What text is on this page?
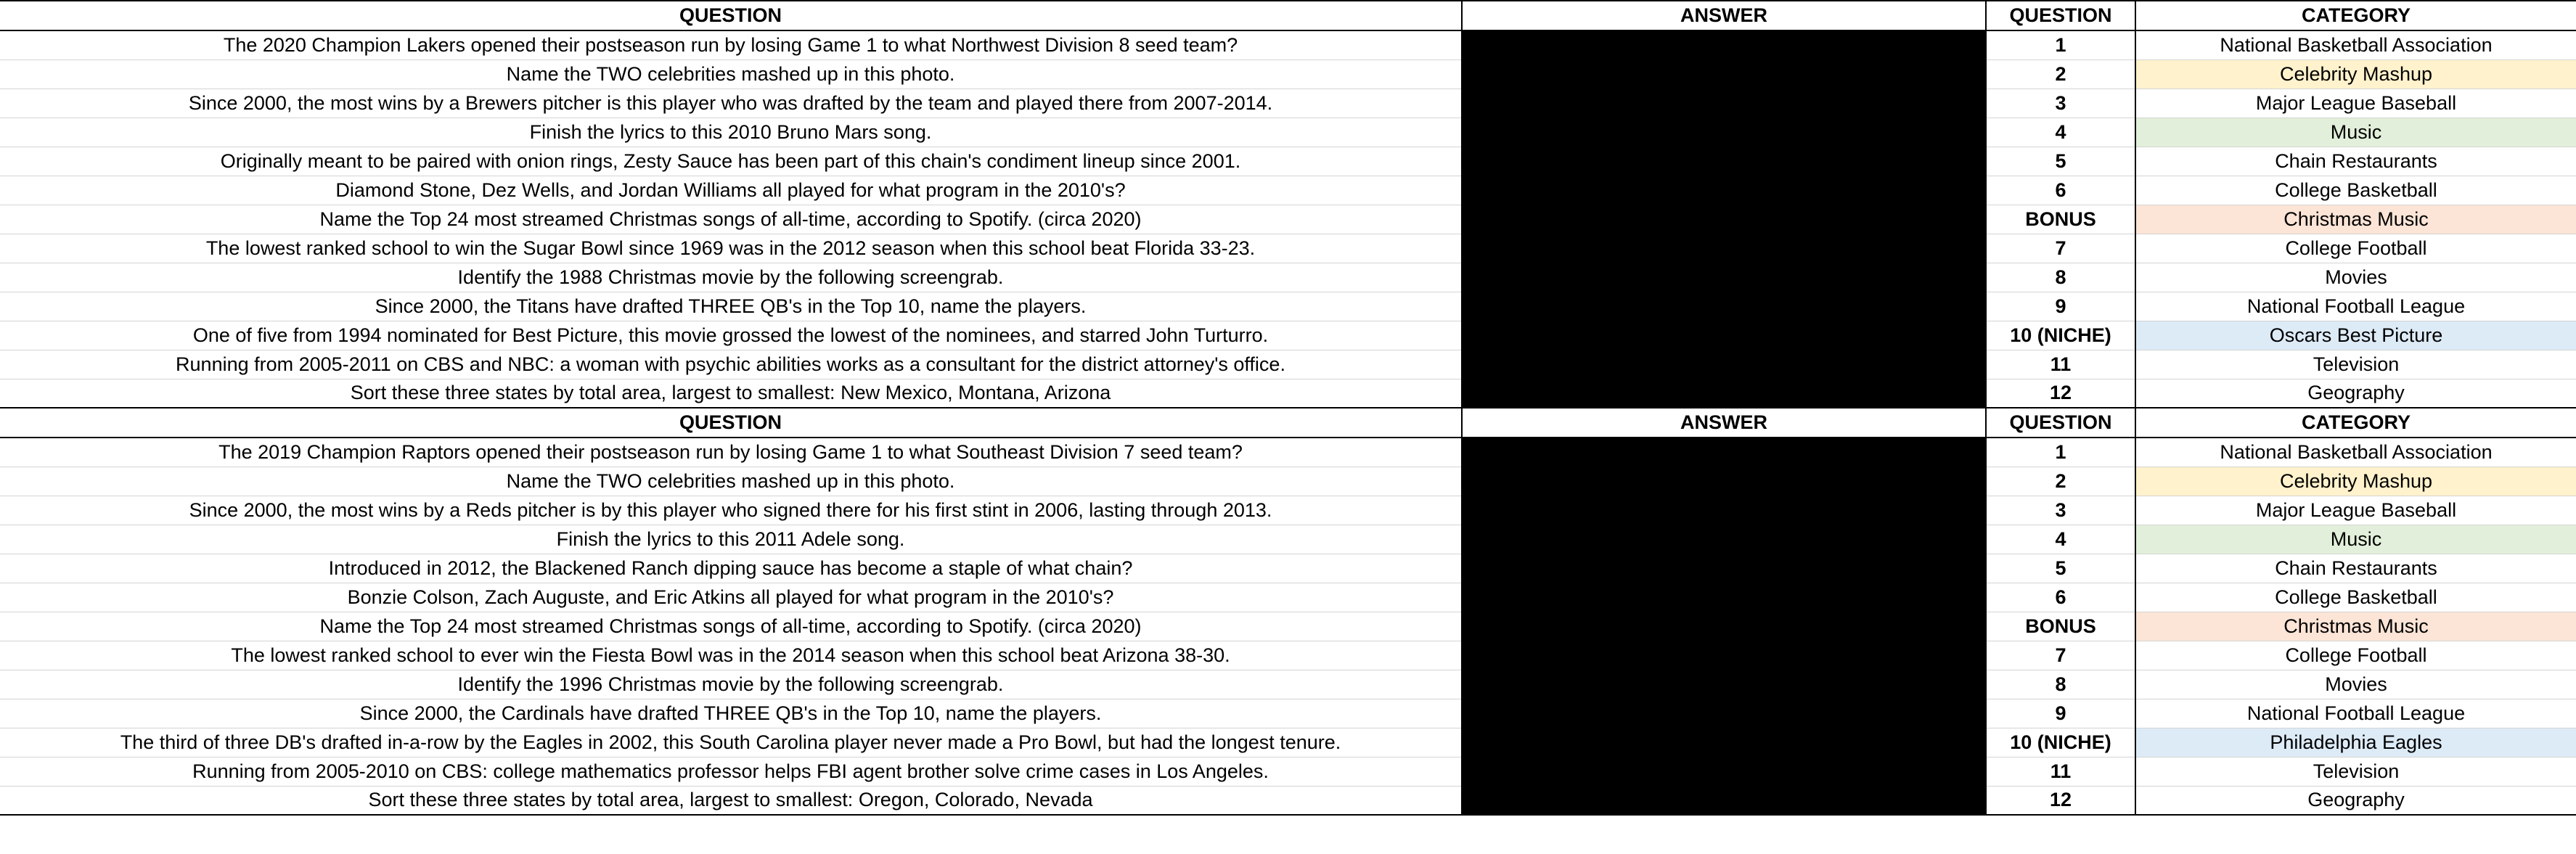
QUESTION	ANSWER	QUESTION	CATEGORY
The 2020 Champion Lakers opened their postseason run by losing Game 1 to what Northwest Division 8 seed team?		1	National Basketball Association
Name the TWO celebrities mashed up in this photo.		2	Celebrity Mashup
Since 2000, the most wins by a Brewers pitcher is this player who was drafted by the team and played there from 2007-2014.		3	Major League Baseball
Finish the lyrics to this 2010 Bruno Mars song.		4	Music
Originally meant to be paired with onion rings, Zesty Sauce has been part of this chain's condiment lineup since 2001.		5	Chain Restaurants
Diamond Stone, Dez Wells, and Jordan Williams all played for what program in the 2010's?		6	College Basketball
Name the Top 24 most streamed Christmas songs of all-time, according to Spotify. (circa 2020)		BONUS	Christmas Music
The lowest ranked school to win the Sugar Bowl since 1969 was in the 2012 season when this school beat Florida 33-23.		7	College Football
Identify the 1988 Christmas movie by the following screengrab.		8	Movies
Since 2000, the Titans have drafted THREE QB's in the Top 10, name the players.		9	National Football League
One of five from 1994 nominated for Best Picture, this movie grossed the lowest of the nominees, and starred John Turturro.		10 (NICHE)	Oscars Best Picture
Running from 2005-2011 on CBS and NBC: a woman with psychic abilities works as a consultant for the district attorney's office.		11	Television
Sort these three states by total area, largest to smallest: New Mexico, Montana, Arizona		12	Geography
QUESTION	ANSWER	QUESTION	CATEGORY
The 2019 Champion Raptors opened their postseason run by losing Game 1 to what Southeast Division 7 seed team?		1	National Basketball Association
Name the TWO celebrities mashed up in this photo.		2	Celebrity Mashup
Since 2000, the most wins by a Reds pitcher is by this player who signed there for his first stint in 2006, lasting through 2013.		3	Major League Baseball
Finish the lyrics to this 2011 Adele song.		4	Music
Introduced in 2012, the Blackened Ranch dipping sauce has become a staple of what chain?		5	Chain Restaurants
Bonzie Colson, Zach Auguste, and Eric Atkins all played for what program in the 2010's?		6	College Basketball
Name the Top 24 most streamed Christmas songs of all-time, according to Spotify. (circa 2020)		BONUS	Christmas Music
The lowest ranked school to ever win the Fiesta Bowl was in the 2014 season when this school beat Arizona 38-30.		7	College Football
Identify the 1996 Christmas movie by the following screengrab.		8	Movies
Since 2000, the Cardinals have drafted THREE QB's in the Top 10, name the players.		9	National Football League
The third of three DB's drafted in-a-row by the Eagles in 2002, this South Carolina player never made a Pro Bowl, but had the longest tenure.		10 (NICHE)	Philadelphia Eagles
Running from 2005-2010 on CBS: college mathematics professor helps FBI agent brother solve crime cases in Los Angeles.		11	Television
Sort these three states by total area, largest to smallest: Oregon, Colorado, Nevada		12	Geography
